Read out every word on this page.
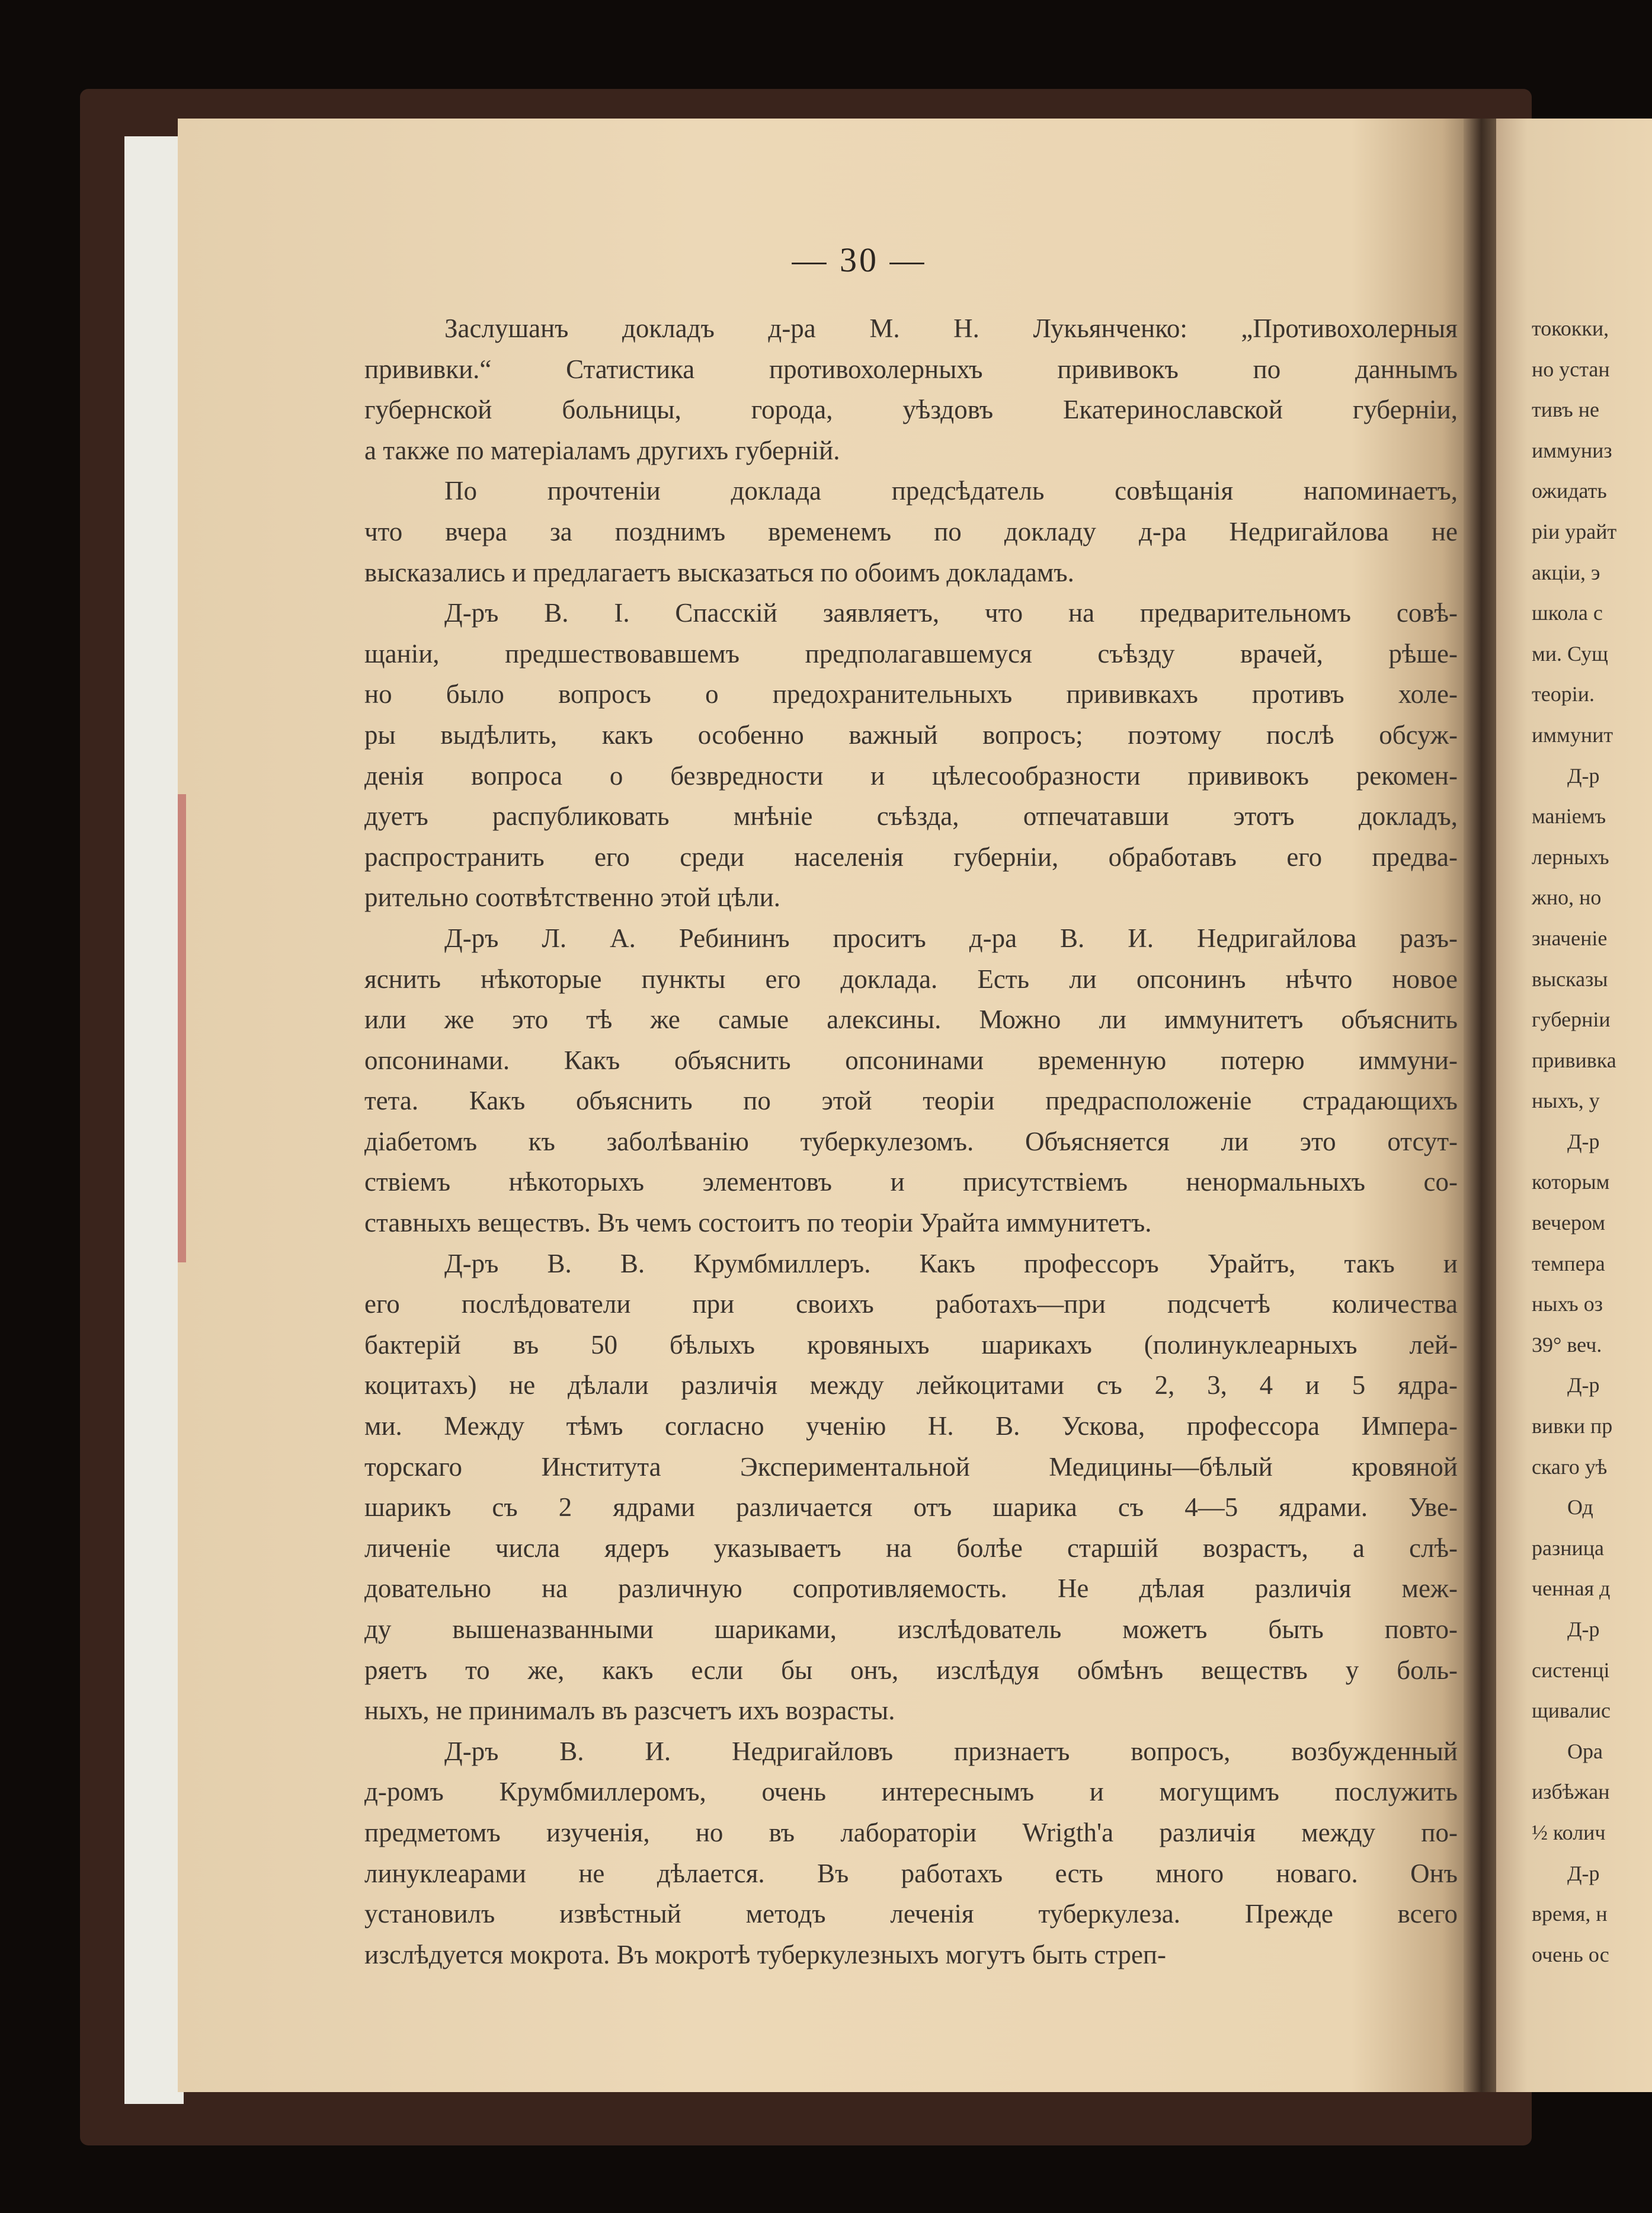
— 30 —
Заслушанъ докладъ д-ра М. Н. Лукьянченко: „Противохолерныя
прививки.“ Статистика противохолерныхъ прививокъ по даннымъ
губернской больницы, города, уѣздовъ Екатеринославской губерніи,
а также по матеріаламъ другихъ губерній.
По прочтеніи доклада предсѣдатель совѣщанія напоминаетъ,
что вчера за позднимъ временемъ по докладу д-ра Недригайлова не
высказались и предлагаетъ высказаться по обоимъ докладамъ.
Д-ръ В. І. Спасскій заявляетъ, что на предварительномъ совѣ-
щаніи, предшествовавшемъ предполагавшемуся съѣзду врачей, рѣше-
но было вопросъ о предохранительныхъ прививкахъ противъ холе-
ры выдѣлить, какъ особенно важный вопросъ; поэтому послѣ обсуж-
денія вопроса о безвредности и цѣлесообразности прививокъ рекомен-
дуетъ распубликовать мнѣніе съѣзда, отпечатавши этотъ докладъ,
распространить его среди населенія губерніи, обработавъ его предва-
рительно соотвѣтственно этой цѣли.
Д-ръ Л. А. Ребининъ проситъ д-ра В. И. Недригайлова разъ-
яснить нѣкоторые пункты его доклада. Есть ли опсонинъ нѣчто новое
или же это тѣ же самые алексины. Можно ли иммунитетъ объяснить
опсонинами. Какъ объяснить опсонинами временную потерю иммуни-
тета. Какъ объяснить по этой теоріи предрасположеніе страдающихъ
діабетомъ къ заболѣванію туберкулезомъ. Объясняется ли это отсут-
ствіемъ нѣкоторыхъ элементовъ и присутствіемъ ненормальныхъ со-
ставныхъ веществъ. Въ чемъ состоитъ по теоріи Урайта иммунитетъ.
Д-ръ В. В. Крумбмиллеръ. Какъ профессоръ Урайтъ, такъ и
его послѣдователи при своихъ работахъ—при подсчетѣ количества
бактерій въ 50 бѣлыхъ кровяныхъ шарикахъ (полинуклеарныхъ лей-
коцитахъ) не дѣлали различія между лейкоцитами съ 2, 3, 4 и 5 ядра-
ми. Между тѣмъ согласно ученію Н. В. Ускова, профессора Импера-
торскаго Института Экспериментальной Медицины—бѣлый кровяной
шарикъ съ 2 ядрами различается отъ шарика съ 4—5 ядрами. Уве-
личеніе числа ядеръ указываетъ на болѣе старшій возрастъ, а слѣ-
довательно на различную сопротивляемость. Не дѣлая различія меж-
ду вышеназванными шариками, изслѣдователь можетъ быть повто-
ряетъ то же, какъ если бы онъ, изслѣдуя обмѣнъ веществъ у боль-
ныхъ, не принималъ въ разсчетъ ихъ возрасты.
Д-ръ В. И. Недригайловъ признаетъ вопросъ, возбужденный
д-ромъ Крумбмиллеромъ, очень интереснымъ и могущимъ послужить
предметомъ изученія, но въ лабораторіи Wrigth'а различія между по-
линуклеарами не дѣлается. Въ работахъ есть много новаго. Онъ
установилъ извѣстный методъ леченія туберкулеза. Прежде всего
изслѣдуется мокрота. Въ мокротѣ туберкулезныхъ могутъ быть стреп-
тококки,
но устан
тивъ не
иммуниз
ожидать
ріи урайт
акціи, э
школа с
ми. Сущ
теоріи.
иммунит
Д-р
маніемъ
лерныхъ
жно, но
значеніе
высказы
губерніи
прививка
ныхъ, у
Д-р
которым
вечером
темпера
ныхъ оз
39° веч.
Д-р
вивки пр
скаго уѣ
Од
разница
ченная д
Д-р
систенці
щивалис
Ора
избѣжан
½ колич
Д-р
время, н
очень ос
